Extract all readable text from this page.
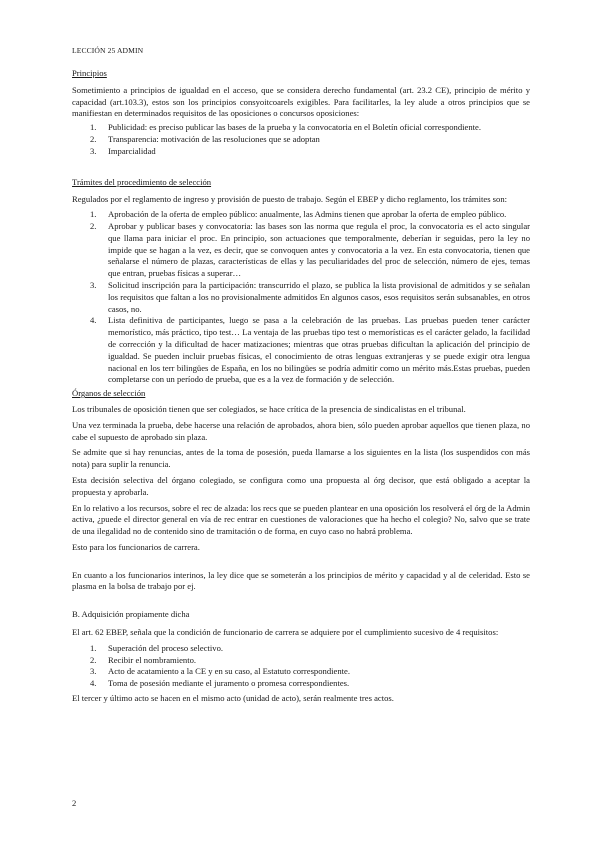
LECCIÓN 25 ADMIN

Principios

Sometimiento a principios de igualdad en el acceso, que se considera derecho fundamental (art. 23.2 CE), principio de mérito y capacidad (art.103.3), estos son los principios consyoitcoarels exigibles. Para facilitarles, la ley alude a otros principios que se manifiestan en determinados requisitos de las oposiciones o concursos oposiciones:

1.	Publicidad: es preciso publicar las bases de la prueba y la convocatoria en el Boletín oficial correspondiente.
2.	Transparencia: motivación de las resoluciones que se adoptan
3.	Imparcialidad

Trámites del procedimiento de selección

Regulados por el reglamento de ingreso y provisión de puesto de trabajo. Según el EBEP y dicho reglamento, los trámites son:

1.	Aprobación de la oferta de empleo público: anualmente, las Admins tienen que aprobar la oferta de empleo público.
2.	Aprobar y publicar bases y convocatoria: las bases son las norma que regula el proc, la convocatoria es el acto singular que llama para iniciar el proc. En principio, son actuaciones que temporalmente, deberían ir seguidas, pero la ley no impide que se hagan a la vez, es decir, que se convoquen antes y convocatoria a la vez. En esta convocatoria, tienen que señalarse el número de plazas, características de ellas y las peculiaridades del proc de selección, número de ejes, temas que entran, pruebas físicas a superar…
3.	Solicitud inscripción para la participación: transcurrido el plazo, se publica la lista provisional de admitidos y se señalan los requisitos que faltan a los no provisionalmente admitidos En algunos casos, esos requisitos serán subsanables, en otros casos, no.
4.	Lista definitiva de participantes, luego se pasa a la celebración de las pruebas. Las pruebas pueden tener carácter memorístico, más práctico, tipo test… La ventaja de las pruebas tipo test o memorísticas es el carácter gelado, la facilidad de corrección y la dificultad de hacer matizaciones; mientras que otras pruebas dificultan la aplicación del principio de igualdad. Se pueden incluir pruebas físicas, el conocimiento de otras lenguas extranjeras y se puede exigir otra lengua nacional en los terr bilingües de España, en los no bilingües se podría admitir como un mérito más.Estas pruebas, pueden completarse con un período de prueba, que es a la vez de formación y de selección.

Órganos de selección

Los tribunales de oposición tienen que ser colegiados, se hace crítica de la presencia de sindicalistas en el tribunal.

Una vez terminada la prueba, debe hacerse una relación de aprobados, ahora bien, sólo pueden aprobar aquellos que tienen plaza, no cabe el supuesto de aprobado sin plaza.

Se admite que si hay renuncias, antes de la toma de posesión, pueda llamarse a los siguientes en la lista (los suspendidos con más nota) para suplir la renuncia.

Esta decisión selectiva del órgano colegiado, se configura como una propuesta al órg decisor, que está obligado a aceptar la propuesta y aprobarla.

En lo relativo a los recursos, sobre el rec de alzada: los recs que se pueden plantear en una oposición los resolverá el órg de la Admin activa, ¿puede el director general en vía de rec entrar en cuestiones de valoraciones que ha hecho el colegio? No, salvo que se trate de una ilegalidad no de contenido sino de tramitación o de forma, en cuyo caso no habrá problema.

Esto para los funcionarios de carrera.

En cuanto a los funcionarios interinos, la ley dice que se someterán a los principios de mérito y capacidad y al de celeridad. Esto se plasma en la bolsa de trabajo por ej.

B. Adquisición propiamente dicha

El art. 62 EBEP, señala que la condición de funcionario de carrera se adquiere por el cumplimiento sucesivo de 4 requisitos:

1.	Superación del proceso selectivo.
2.	Recibir el nombramiento.
3.	Acto de acatamiento a la CE y en su caso, al Estatuto correspondiente.
4.	Toma de posesión mediante el juramento o promesa correspondientes.

El tercer y último acto se hacen en el mismo acto (unidad de acto), serán realmente tres actos.

2
